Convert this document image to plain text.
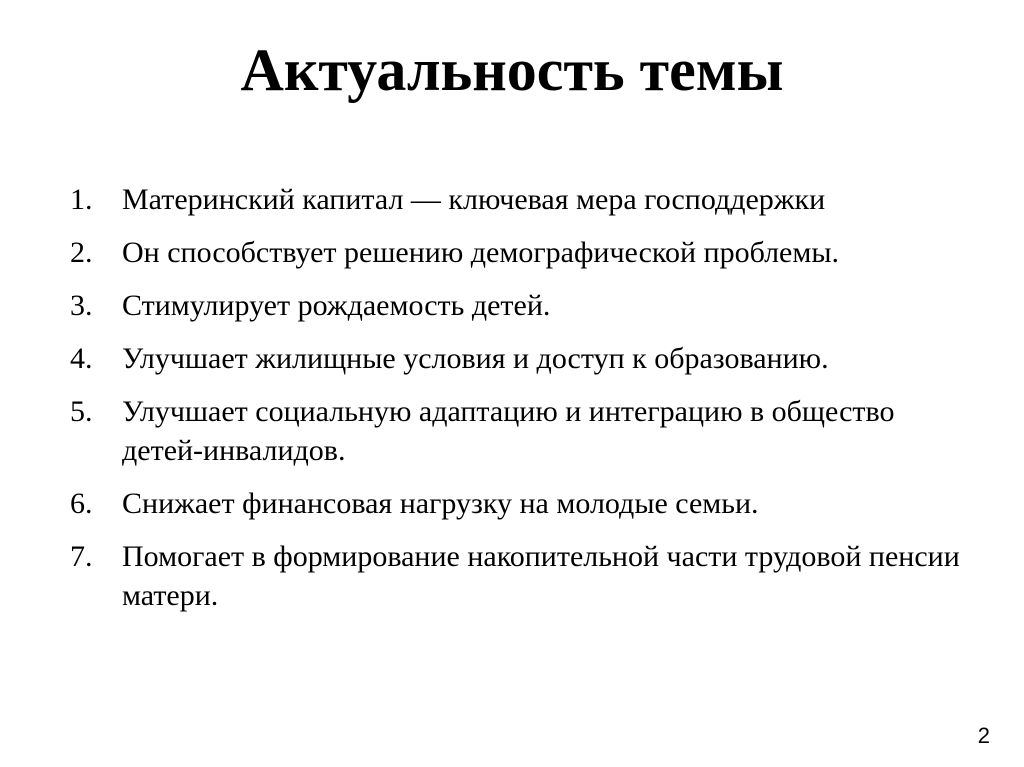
Актуальность темы
1. Материнский капитал — ключевая мера господдержки
2. Он способствует решению демографической проблемы.
3. Стимулирует рождаемость детей.
4. Улучшает жилищные условия и доступ к образованию.
5. Улучшает социальную адаптацию и интеграцию в общество детей-инвалидов.
6. Снижает финансовая нагрузку на молодые семьи.
7. Помогает в формирование накопительной части трудовой пенсии матери.
2
